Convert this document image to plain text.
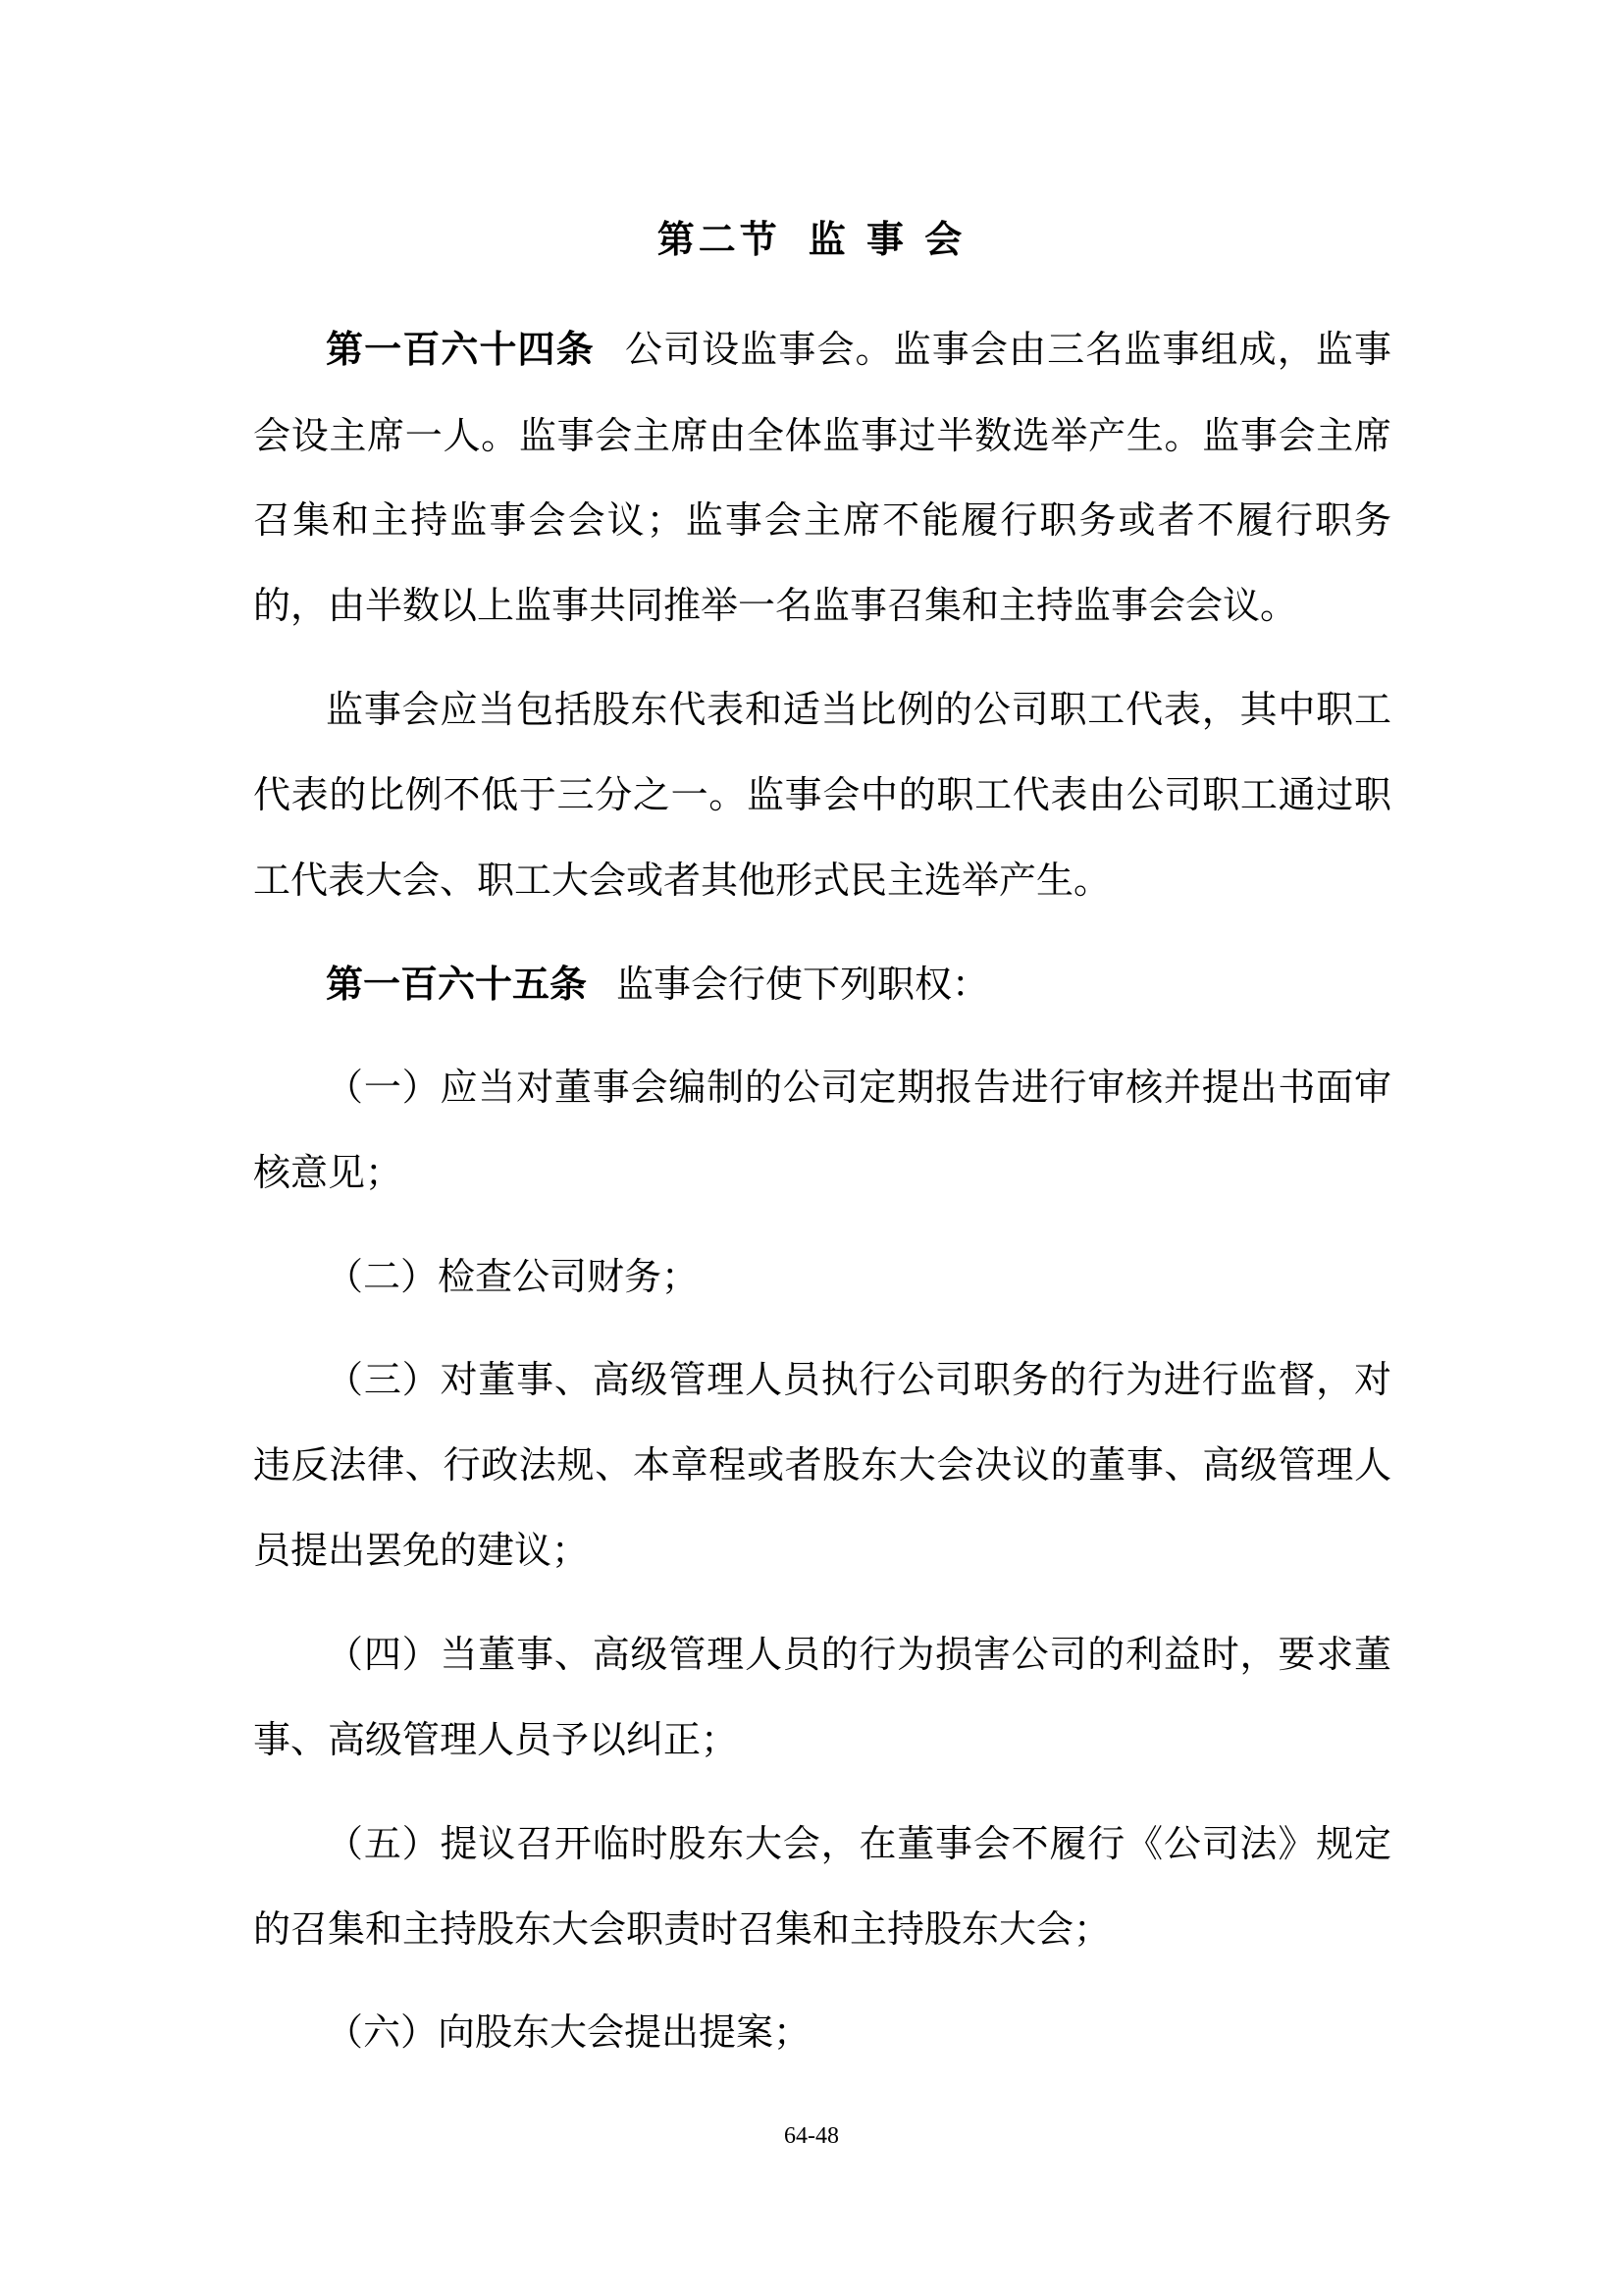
第二节 监 事 会
第一百六十四条 公司设监事会。监事会由三名监事组成，监事
会设主席一人。监事会主席由全体监事过半数选举产生。监事会主席
召集和主持监事会会议；监事会主席不能履行职务或者不履行职务
的，由半数以上监事共同推举一名监事召集和主持监事会会议。
监事会应当包括股东代表和适当比例的公司职工代表，其中职工
代表的比例不低于三分之一。监事会中的职工代表由公司职工通过职
工代表大会、职工大会或者其他形式民主选举产生。
第一百六十五条 监事会行使下列职权：
（一）应当对董事会编制的公司定期报告进行审核并提出书面审
核意见；
（二）检查公司财务；
（三）对董事、高级管理人员执行公司职务的行为进行监督，对
违反法律、行政法规、本章程或者股东大会决议的董事、高级管理人
员提出罢免的建议；
（四）当董事、高级管理人员的行为损害公司的利益时，要求董
事、高级管理人员予以纠正；
（五）提议召开临时股东大会，在董事会不履行《公司法》规定
的召集和主持股东大会职责时召集和主持股东大会；
（六）向股东大会提出提案；
64-48
